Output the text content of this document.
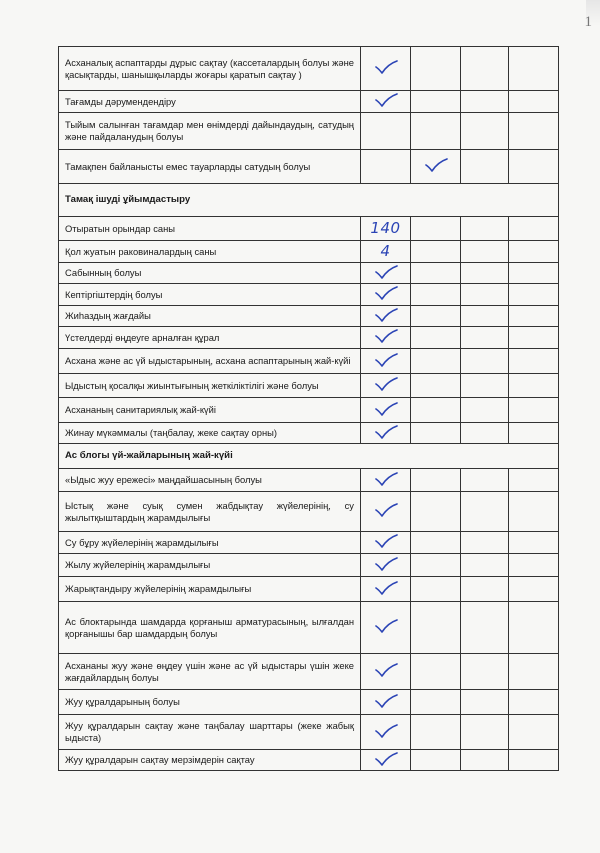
1
Асханалық аспаптарды дұрыс сақтау (кассеталардың болуы және қасықтарды, шанышқыларды жоғары қаратып сақтау )	

Тағамды дәрумендендіру	

Тыйым салынған тағамдар мен өнімдерді дайындаудың, сатудың және пайдаланудың болуы				
Тамақпен байланысты емес тауарларды сатудың болуы		

Тамақ ішуді ұйымдастыру				
Отыратын орындар саны	140			
Қол жуатын раковиналардың саны	4			
Сабынның болуы	

Кептіргіштердің болуы	

Жиһаздың жағдайы	

Үстелдерді өңдеуге арналған құрал	

Асхана және ас үй ыдыстарының, асхана аспаптарының жай-күйі	

Ыдыстың қосалқы жиынтығының жеткіліктілігі және болуы	

Асхананың санитариялық жай-күйі	

Жинау мүкәммалы (таңбалау, жеке сақтау орны)	

Ас блогы үй-жайларының жай-күйі				
«Ыдыс жуу ережесі» маңдайшасының болуы	

Ыстық және суық сумен жабдықтау жүйелерінің, су жылытқыштардың жарамдылығы	

Су бұру жүйелерінің жарамдылығы	

Жылу жүйелерінің жарамдылығы	

Жарықтандыру жүйелерінің жарамдылығы	

Ас блоктарында шамдарда қорғаныш арматурасының, ылғалдан қорғанышы бар шамдардың болуы	

Асхананы жуу және өңдеу үшін және ас үй ыдыстары үшін жеке жағдайлардың болуы	

Жуу құралдарының болуы	

Жуу құралдарын сақтау және таңбалау шарттары (жеке жабық ыдыста)	

Жуу құралдарын сақтау мерзімдерін сақтау	
